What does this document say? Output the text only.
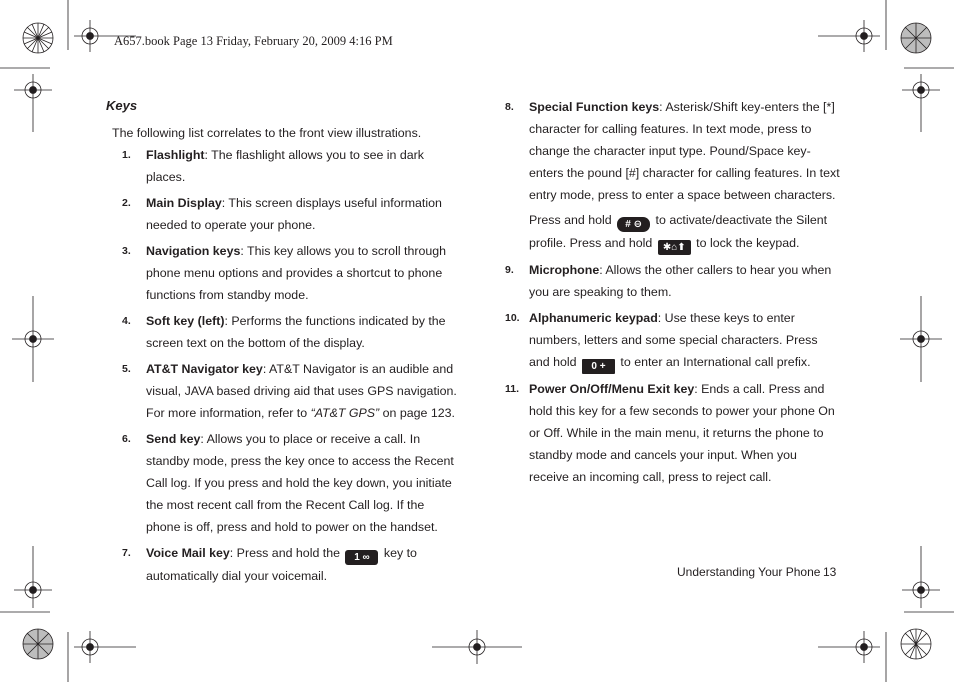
A657.book Page 13 Friday, February 20, 2009 4:16 PM
Keys
The following list correlates to the front view illustrations.
1. Flashlight: The flashlight allows you to see in dark places.
2. Main Display: This screen displays useful information needed to operate your phone.
3. Navigation keys: This key allows you to scroll through phone menu options and provides a shortcut to phone functions from standby mode.
4. Soft key (left): Performs the functions indicated by the screen text on the bottom of the display.
5. AT&T Navigator key: AT&T Navigator is an audible and visual, JAVA based driving aid that uses GPS navigation. For more information, refer to “AT&T GPS” on page 123.
6. Send key: Allows you to place or receive a call. In standby mode, press the key once to access the Recent Call log. If you press and hold the key down, you initiate the most recent call from the Recent Call log. If the phone is off, press and hold to power on the handset.
7. Voice Mail key: Press and hold the 1 ∞ key to automatically dial your voicemail.
8. Special Function keys: Asterisk/Shift key-enters the [*] character for calling features. In text mode, press to change the character input type. Pound/Space key-enters the pound [#] character for calling features. In text entry mode, press to enter a space between characters.
Press and hold # ⊖ to activate/deactivate the Silent profile. Press and hold ✱⌂⬆ to lock the keypad.
9. Microphone: Allows the other callers to hear you when you are speaking to them.
10. Alphanumeric keypad: Use these keys to enter numbers, letters and some special characters. Press and hold 0 + to enter an International call prefix.
11. Power On/Off/Menu Exit key: Ends a call. Press and hold this key for a few seconds to power your phone On or Off. While in the main menu, it returns the phone to standby mode and cancels your input. When you receive an incoming call, press to reject call.
Understanding Your Phone 13
